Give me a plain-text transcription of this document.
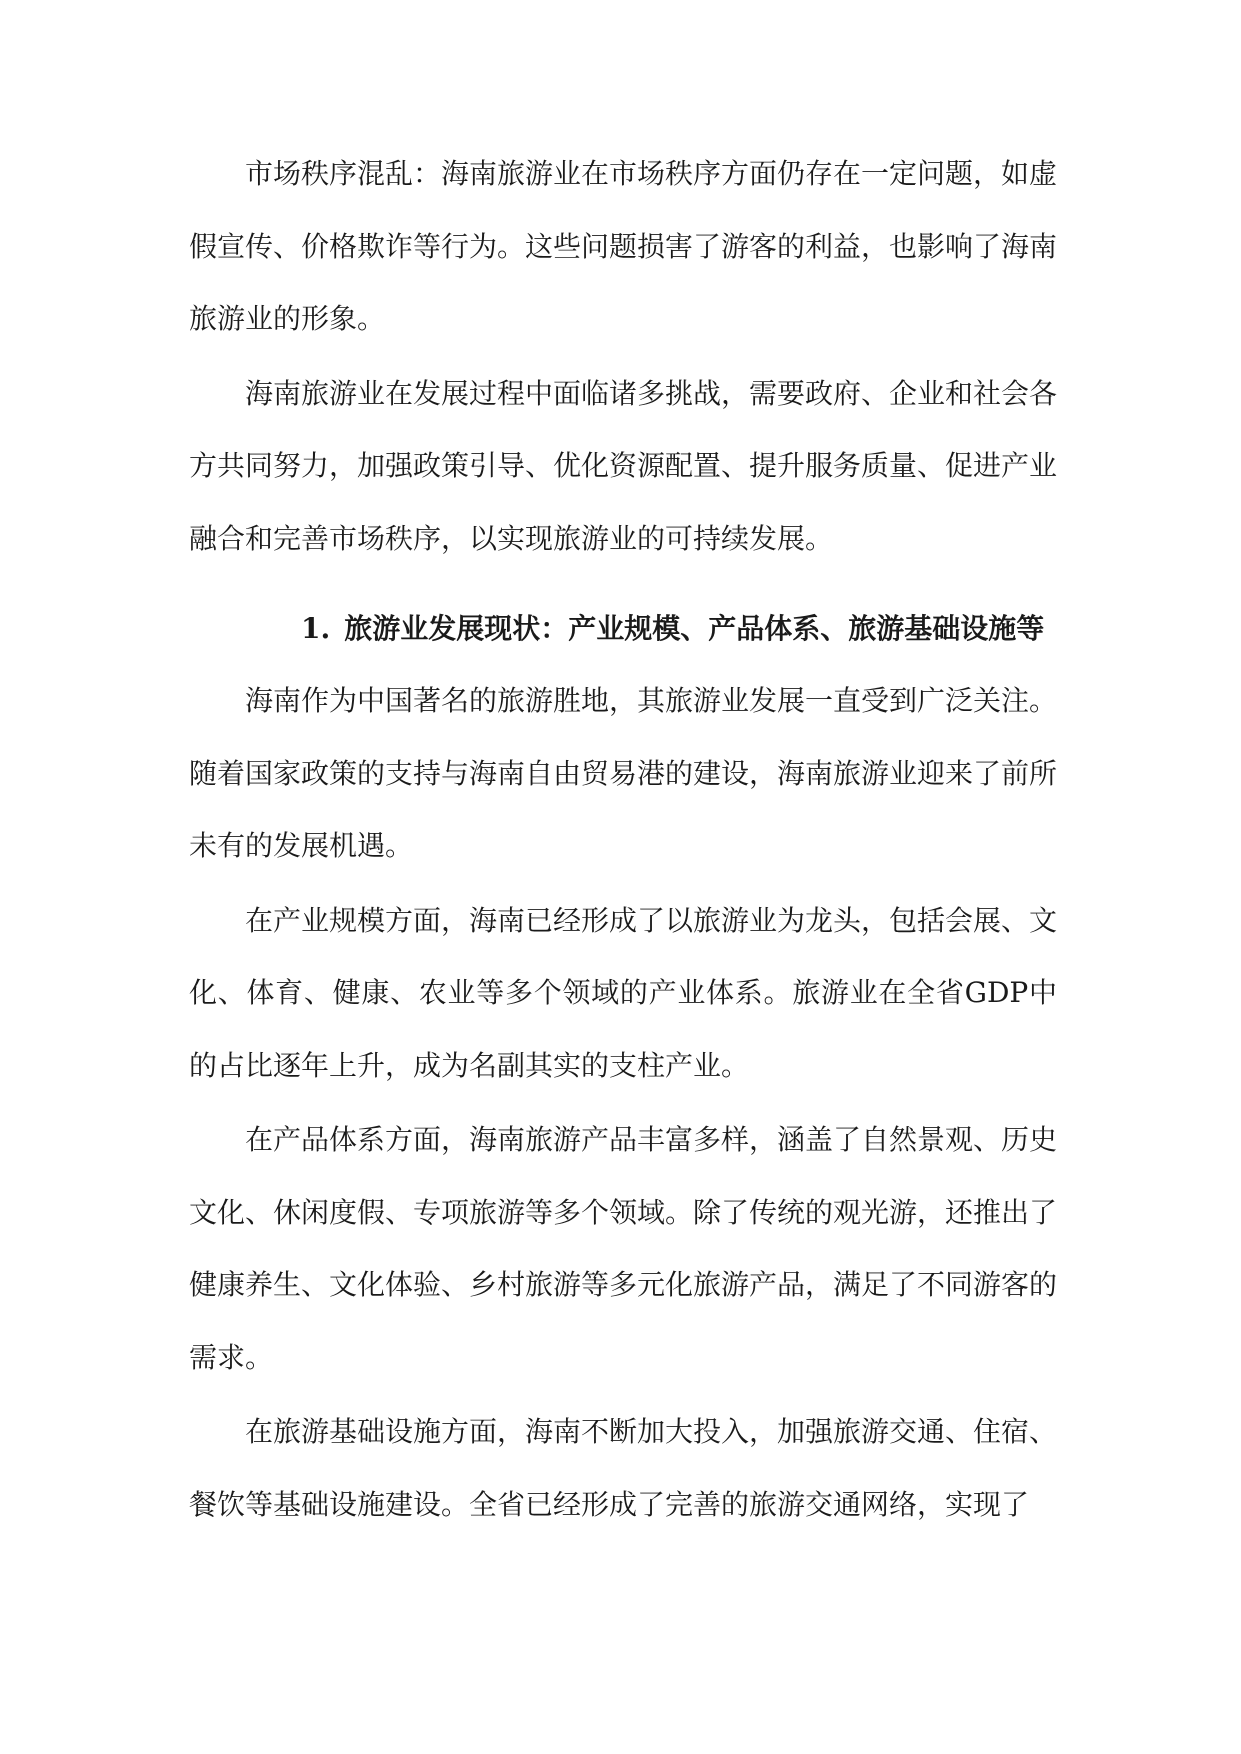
市场秩序混乱：海南旅游业在市场秩序方面仍存在一定问题，如虚假宣传、价格欺诈等行为。这些问题损害了游客的利益，也影响了海南旅游业的形象。

海南旅游业在发展过程中面临诸多挑战，需要政府、企业和社会各方共同努力，加强政策引导、优化资源配置、提升服务质量、促进产业融合和完善市场秩序，以实现旅游业的可持续发展。

1. 旅游业发展现状：产业规模、产品体系、旅游基础设施等

海南作为中国著名的旅游胜地，其旅游业发展一直受到广泛关注。随着国家政策的支持与海南自由贸易港的建设，海南旅游业迎来了前所未有的发展机遇。

在产业规模方面，海南已经形成了以旅游业为龙头，包括会展、文化、体育、健康、农业等多个领域的产业体系。旅游业在全省GDP中的占比逐年上升，成为名副其实的支柱产业。

在产品体系方面，海南旅游产品丰富多样，涵盖了自然景观、历史文化、休闲度假、专项旅游等多个领域。除了传统的观光游，还推出了健康养生、文化体验、乡村旅游等多元化旅游产品，满足了不同游客的需求。

在旅游基础设施方面，海南不断加大投入，加强旅游交通、住宿、餐饮等基础设施建设。全省已经形成了完善的旅游交通网络，实现了
